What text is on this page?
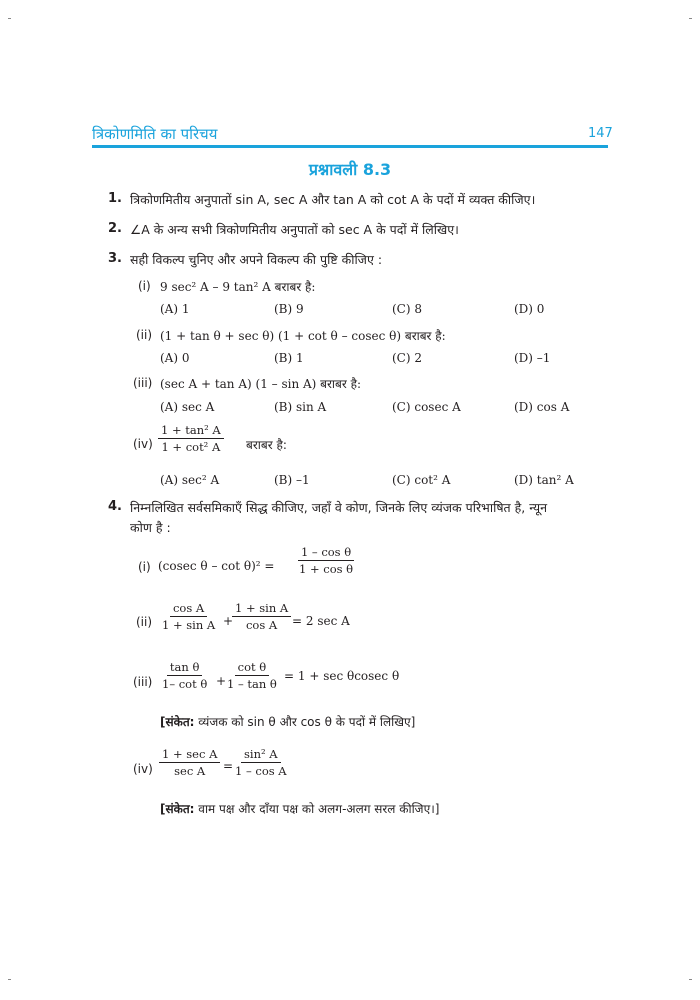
त्रिकोणमिति का परिचय	147
प्रश्नावली 8.3
1. त्रिकोणमितीय अनुपातों sin A, sec A और tan A को cot A के पदों में व्यक्त कीजिए।
2. ∠A के अन्य सभी त्रिकोणमितीय अनुपातों को sec A के पदों में लिखिए।
3. सही विकल्प चुनिए और अपने विकल्प की पुष्टि कीजिए :
(i) 9 sec² A – 9 tan² A बराबर है:
(A) 1	(B) 9	(C) 8	(D) 0
(ii) (1 + tan θ + sec θ) (1 + cot θ – cosec θ) बराबर है:
(A) 0	(B) 1	(C) 2	(D) –1
(iii) (sec A + tan A) (1 – sin A) बराबर है:
(A) sec A	(B) sin A	(C) cosec A	(D) cos A
$(iv) \frac{\text{1 + tan² A}}{\text{1 + cot² A}}$ बराबर है:
(A) sec² A	(B) –1	(C) cot² A	(D) tan² A
4. निम्नलिखित सर्वसमिकाएँ सिद्ध कीजिए, जहाँ वे कोण, जिनके लिए व्यंजक परिभाषित है, न्यून
कोण है :
(i) (cosec $\theta - \cot \theta)^2 = \frac{\text{1 – cos θ}}{\text{1 + cos θ}}$
$(ii) \frac{\text{cos A}}{\text{1 + sin A}}$ +
$\frac{\text{1 + sin A}}{\text{cos A}} = 2$ sec A
$(iii) \frac{\text{tan θ}}{\text{1– cot θ}}$ +
$\frac{\text{cot θ}}{\text{1 – tan θ}} = 1 + \sec \theta cosec$ θ
[संकेत: व्यंजक को sin θ और cos θ के पदों में लिखिए]
(iv)
1 + sec A
sec A =
$\frac{\text{sin² A}}{\text{1 – cos A}}$
[संकेत: वाम पक्ष और दाँया पक्ष को अलग-अलग सरल कीजिए।]
